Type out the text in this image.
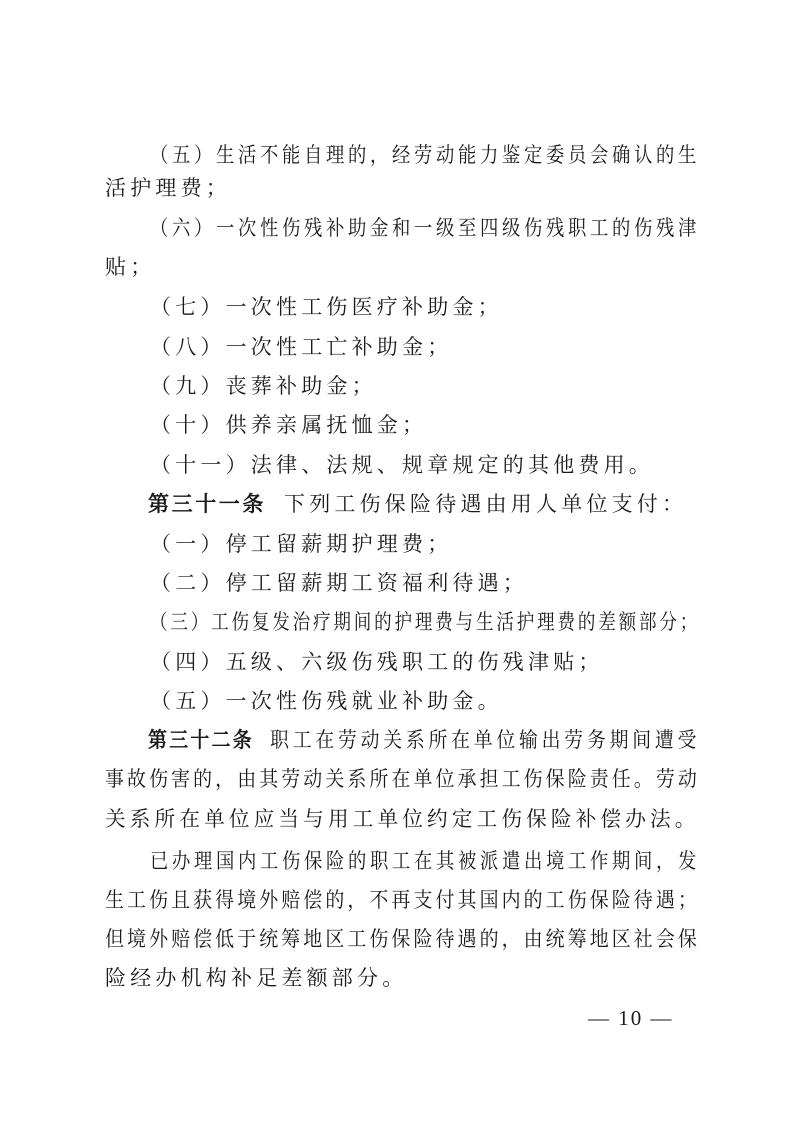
（五）生活不能自理的，经劳动能力鉴定委员会确认的生
活护理费；
（六）一次性伤残补助金和一级至四级伤残职工的伤残津
贴；
（七）一次性工伤医疗补助金；
（八）一次性工亡补助金；
（九）丧葬补助金；
（十）供养亲属抚恤金；
（十一）法律、法规、规章规定的其他费用。
第三十一条 下列工伤保险待遇由用人单位支付：
（一）停工留薪期护理费；
（二）停工留薪期工资福利待遇；
（三）工伤复发治疗期间的护理费与生活护理费的差额部分；
（四）五级、六级伤残职工的伤残津贴；
（五）一次性伤残就业补助金。
第三十二条 职工在劳动关系所在单位输出劳务期间遭受
事故伤害的，由其劳动关系所在单位承担工伤保险责任。劳动
关系所在单位应当与用工单位约定工伤保险补偿办法。
已办理国内工伤保险的职工在其被派遣出境工作期间，发
生工伤且获得境外赔偿的，不再支付其国内的工伤保险待遇；
但境外赔偿低于统筹地区工伤保险待遇的，由统筹地区社会保
险经办机构补足差额部分。
— 10 —
